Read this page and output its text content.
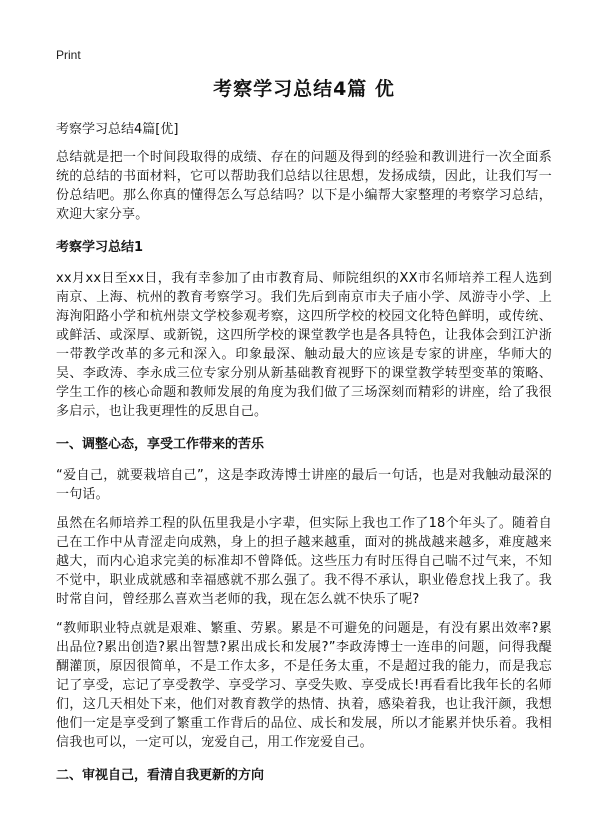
Print
考察学习总结4篇 优
考察学习总结4篇[优]

总结就是把一个时间段取得的成绩、存在的问题及得到的经验和教训进行一次全面系统的总结的书面材料，它可以帮助我们总结以往思想，发扬成绩，因此，让我们写一份总结吧。那么你真的懂得怎么写总结吗？以下是小编帮大家整理的考察学习总结，欢迎大家分享。

考察学习总结1

xx月xx日至xx日，我有幸参加了由市教育局、师院组织的XX市名师培养工程人选到南京、上海、杭州的教育考察学习。我们先后到南京市夫子庙小学、凤游寺小学、上海洵阳路小学和杭州崇文学校参观考察，这四所学校的校园文化特色鲜明，或传统、或鲜活、或深厚、或新锐，这四所学校的课堂教学也是各具特色，让我体会到江沪浙一带教学改革的多元和深入。印象最深、触动最大的应该是专家的讲座，华师大的吴、李政涛、李永成三位专家分别从新基础教育视野下的课堂教学转型变革的策略、学生工作的核心命题和教师发展的角度为我们做了三场深刻而精彩的讲座，给了我很多启示，也让我更理性的反思自己。

一、调整心态，享受工作带来的苦乐

“爱自己，就要栽培自己”，这是李政涛博士讲座的最后一句话，也是对我触动最深的一句话。

虽然在名师培养工程的队伍里我是小字辈，但实际上我也工作了18个年头了。随着自己在工作中从青涩走向成熟，身上的担子越来越重，面对的挑战越来越多，难度越来越大，而内心追求完美的标准却不曾降低。这些压力有时压得自己喘不过气来，不知不觉中，职业成就感和幸福感就不那么强了。我不得不承认，职业倦怠找上我了。我时常自问，曾经那么喜欢当老师的我，现在怎么就不快乐了呢?

“教师职业特点就是艰难、繁重、劳累。累是不可避免的问题是，有没有累出效率?累出品位?累出创造?累出智慧?累出成长和发展?”李政涛博士一连串的问题，问得我醍醐灌顶，原因很简单，不是工作太多，不是任务太重，不是超过我的能力，而是我忘记了享受，忘记了享受教学、享受学习、享受失败、享受成长!再看看比我年长的名师们，这几天相处下来，他们对教育教学的热情、执着，感染着我，也让我汗颜，我想他们一定是享受到了繁重工作背后的品位、成长和发展，所以才能累并快乐着。我相信我也可以，一定可以，宠爱自己，用工作宠爱自己。

二、审视自己，看清自我更新的方向
